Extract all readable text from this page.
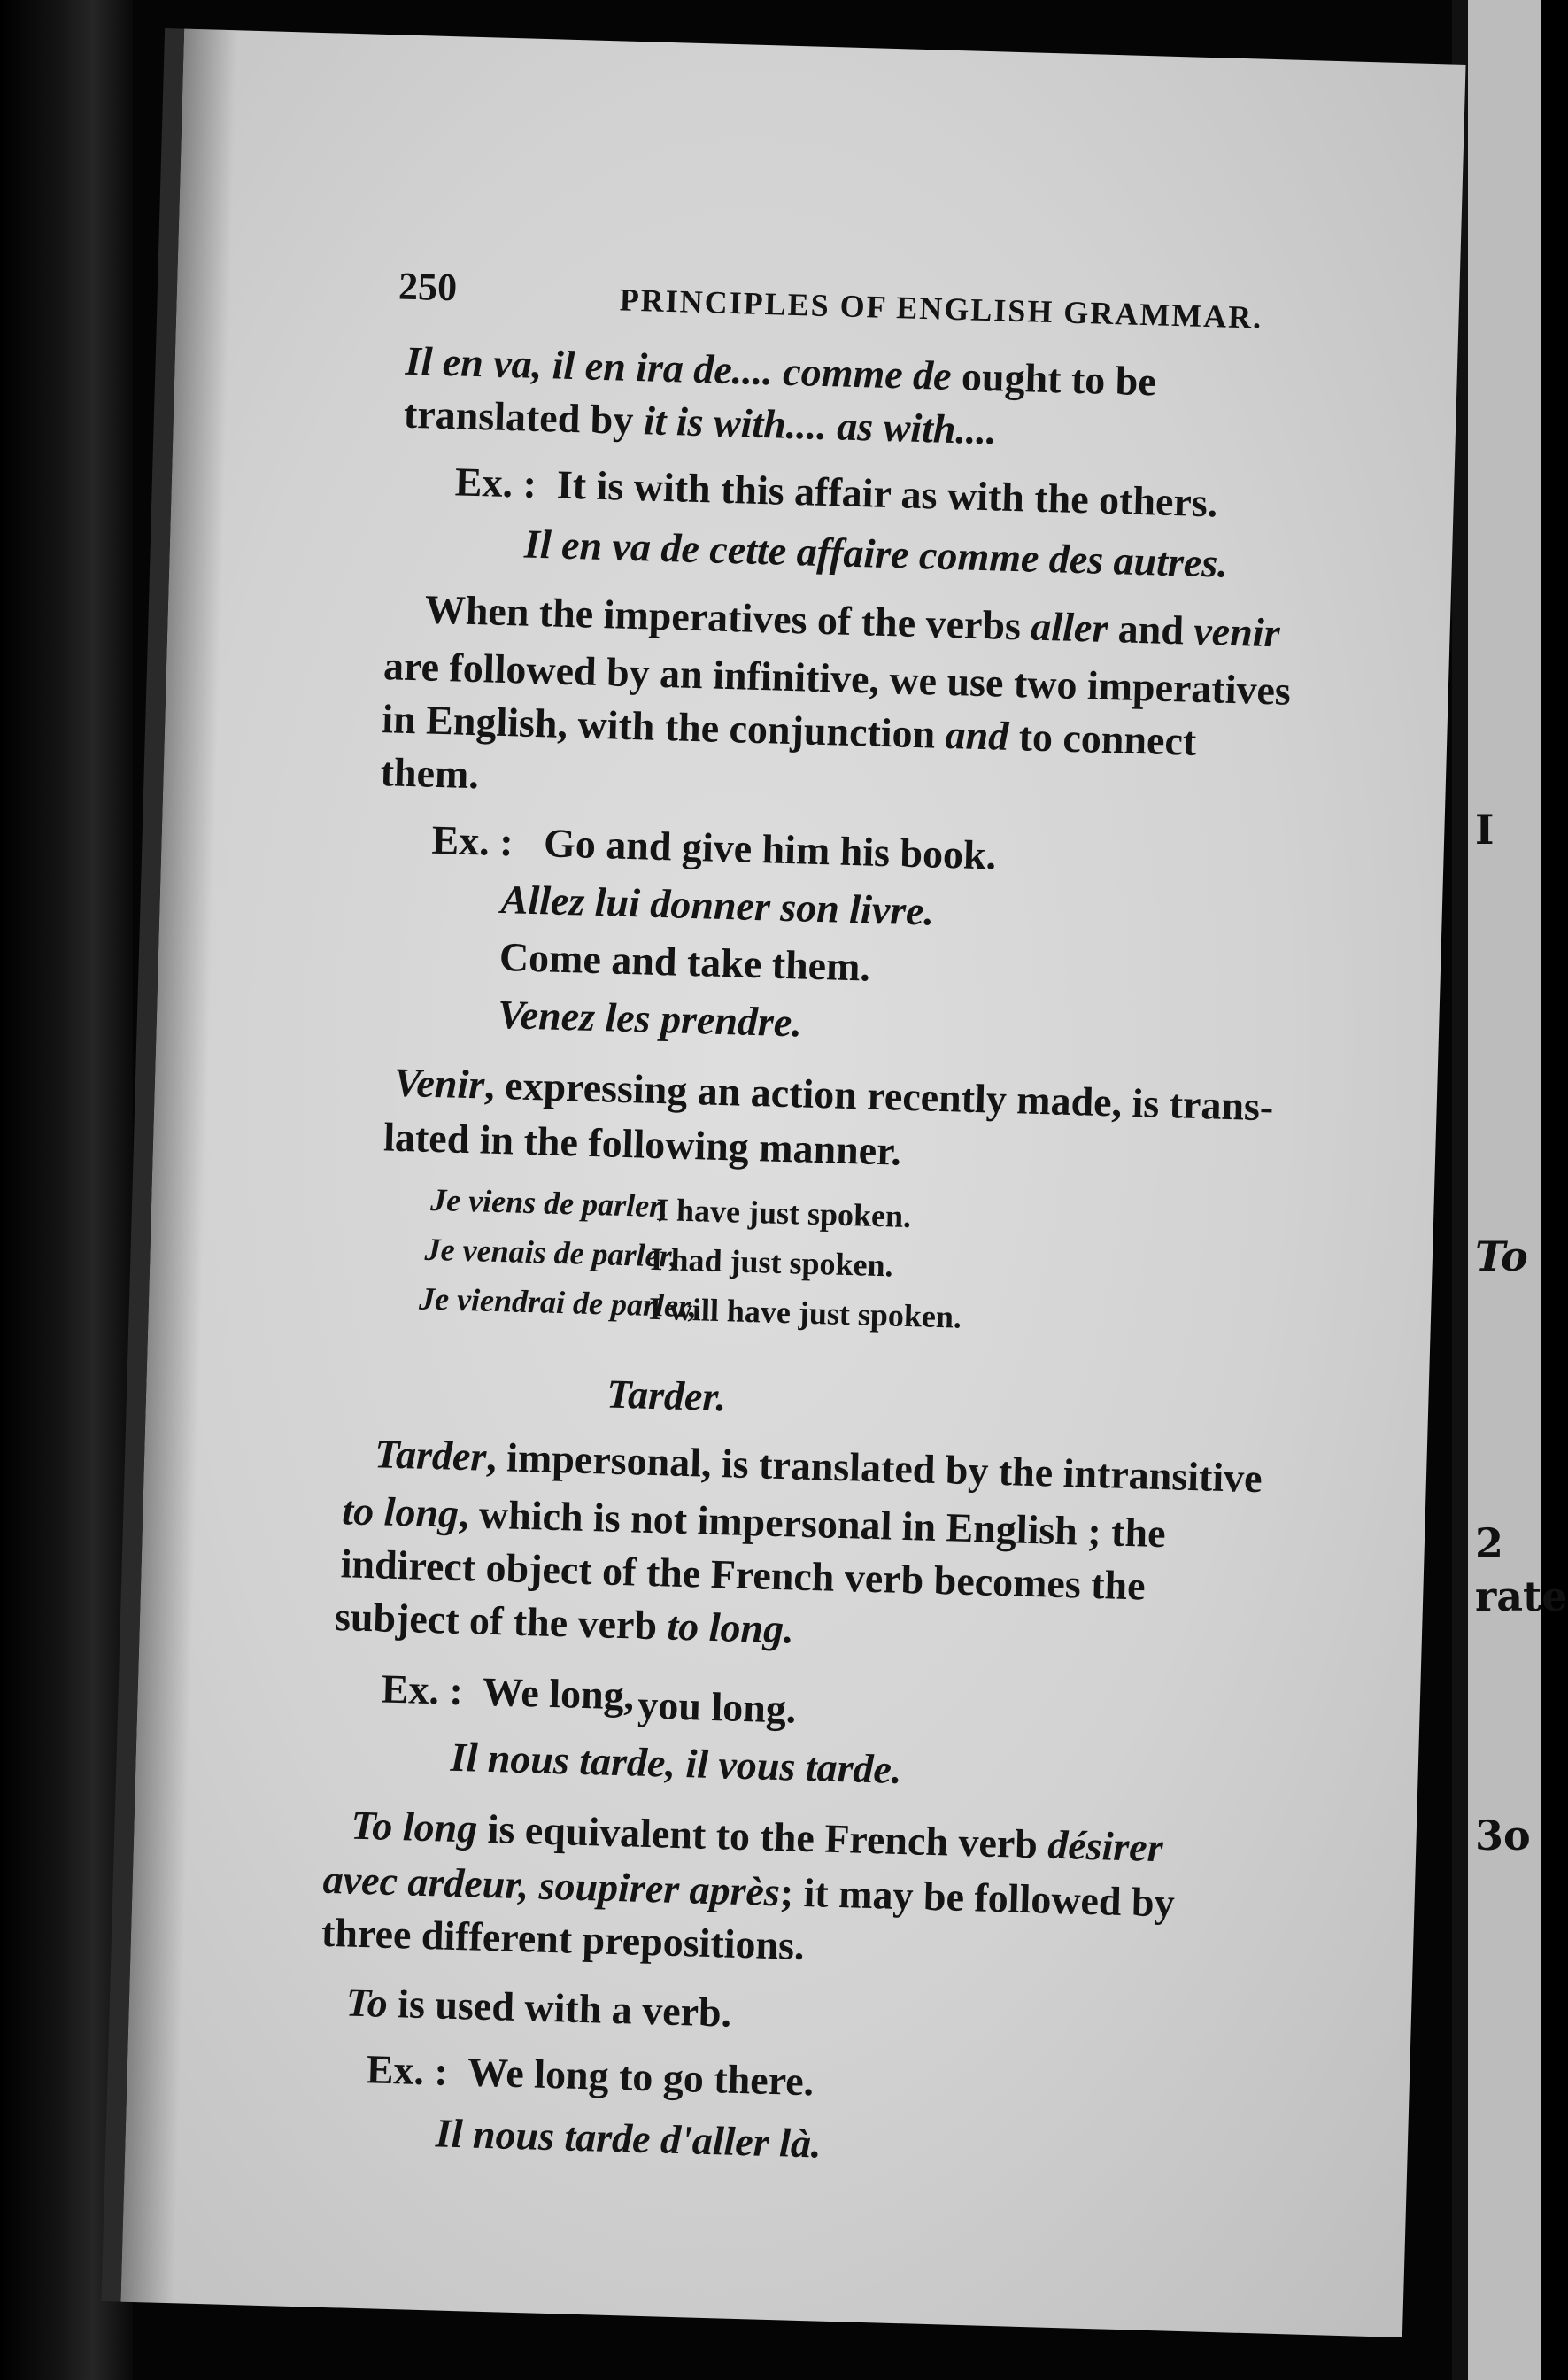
I
To
2
rate
3o
250	PRINCIPLES OF ENGLISH GRAMMAR.
Il en va, il en ira de.... comme de ought to be
translated by it is with.... as with....
Ex. : It is with this affair as with the others.
Il en va de cette affaire comme des autres.
When the imperatives of the verbs aller and venir
are followed by an infinitive, we use two imperatives
in English, with the conjunction and to connect
them.
Ex. : Go and give him his book.
Allez lui donner son livre.
Come and take them.
Venez les prendre.
Venir, expressing an action recently made, is trans-
lated in the following manner.
Je viens de parler,
I have just spoken.
Je venais de parler,
I had just spoken.
Je viendrai de parler,
I will have just spoken.
Tarder.
Tarder, impersonal, is translated by the intransitive
to long, which is not impersonal in English ; the
indirect object of the French verb becomes the
subject of the verb to long.
Ex. : We long, you long.
Il nous tarde, il vous tarde.
To long is equivalent to the French verb désirer
avec ardeur, soupirer après; it may be followed by
three different prepositions.
To is used with a verb.
Ex. : We long to go there.
Il nous tarde d'aller là.
